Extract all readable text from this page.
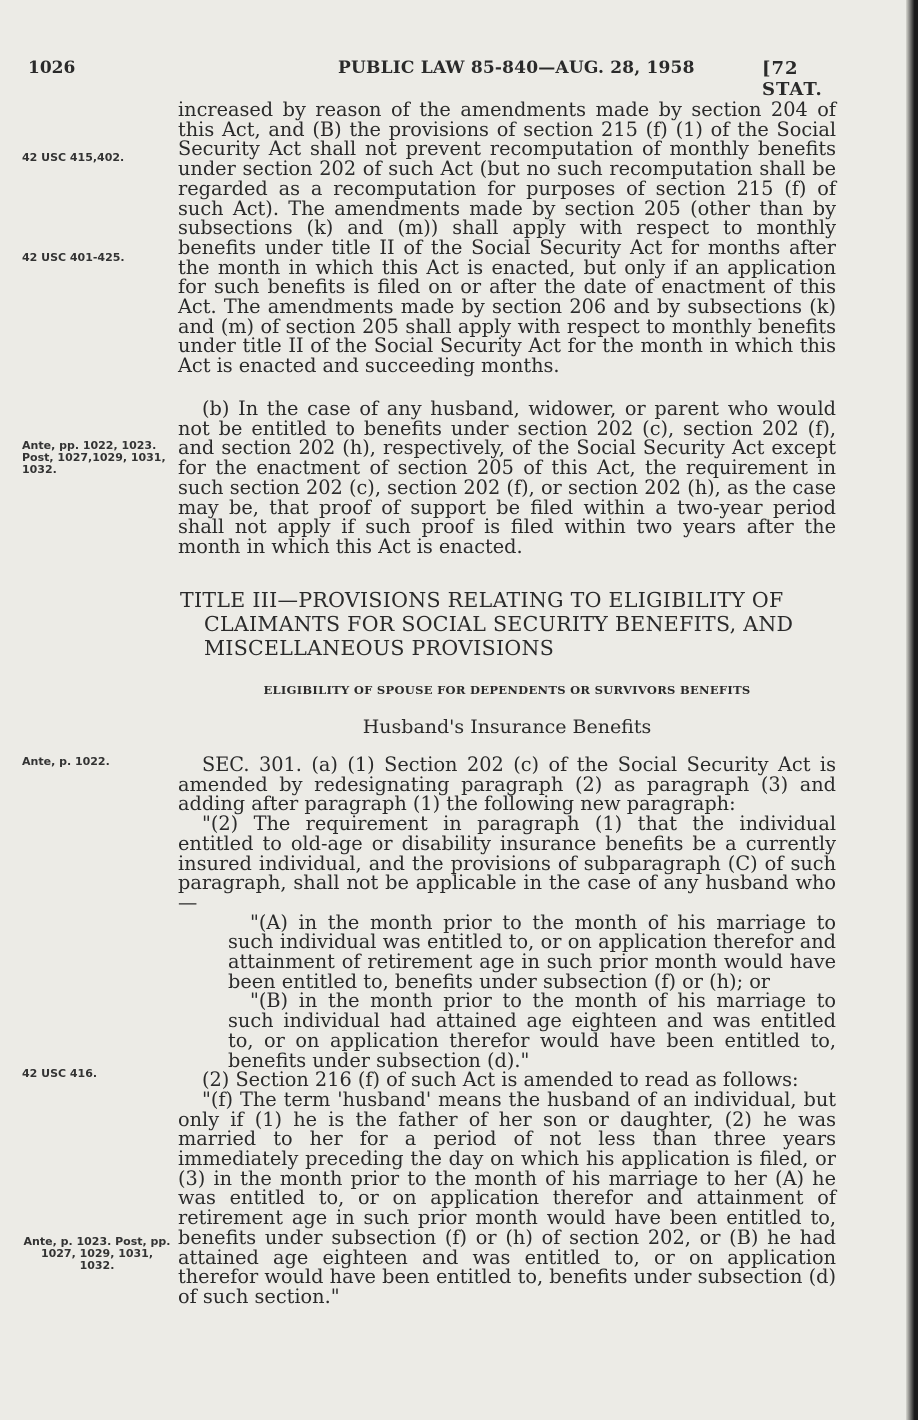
1026	PUBLIC LAW 85-840—AUG. 28, 1958	[72 STAT.
42 USC 415,402.
42 USC 401-425.
Ante, pp. 1022, 1023. Post, 1027,1029, 1031, 1032.
Ante, p. 1022.
42 USC 416.
Ante, p. 1023. Post, pp. 1027, 1029, 1031, 1032.

increased by reason of the amendments made by section 204 of this Act, and (B) the provisions of section 215 (f) (1) of the Social Security Act shall not prevent recomputation of monthly benefits under section 202 of such Act (but no such recomputation shall be regarded as a recomputation for purposes of section 215 (f) of such Act). The amendments made by section 205 (other than by subsections (k) and (m)) shall apply with respect to monthly benefits under title II of the Social Security Act for months after the month in which this Act is enacted, but only if an application for such benefits is filed on or after the date of enactment of this Act. The amendments made by section 206 and by subsections (k) and (m) of section 205 shall apply with respect to monthly benefits under title II of the Social Security Act for the month in which this Act is enacted and succeeding months.

(b) In the case of any husband, widower, or parent who would not be entitled to benefits under section 202 (c), section 202 (f), and section 202 (h), respectively, of the Social Security Act except for the enactment of section 205 of this Act, the requirement in such section 202 (c), section 202 (f), or section 202 (h), as the case may be, that proof of support be filed within a two-year period shall not apply if such proof is filed within two years after the month in which this Act is enacted.

TITLE III—PROVISIONS RELATING TO ELIGIBILITY OF
CLAIMANTS FOR SOCIAL SECURITY BENEFITS, AND
MISCELLANEOUS PROVISIONS
ELIGIBILITY OF SPOUSE FOR DEPENDENTS OR SURVIVORS BENEFITS
Husband's Insurance Benefits

SEC. 301. (a) (1) Section 202 (c) of the Social Security Act is amended by redesignating paragraph (2) as paragraph (3) and adding after paragraph (1) the following new paragraph:

"(2) The requirement in paragraph (1) that the individual entitled to old-age or disability insurance benefits be a currently insured individual, and the provisions of subparagraph (C) of such paragraph, shall not be applicable in the case of any husband who—

"(A) in the month prior to the month of his marriage to such individual was entitled to, or on application therefor and attainment of retirement age in such prior month would have been entitled to, benefits under subsection (f) or (h); or

"(B) in the month prior to the month of his marriage to such individual had attained age eighteen and was entitled to, or on application therefor would have been entitled to, benefits under subsection (d)."

(2) Section 216 (f) of such Act is amended to read as follows:

"(f) The term 'husband' means the husband of an individual, but only if (1) he is the father of her son or daughter, (2) he was married to her for a period of not less than three years immediately preceding the day on which his application is filed, or (3) in the month prior to the month of his marriage to her (A) he was entitled to, or on application therefor and attainment of retirement age in such prior month would have been entitled to, benefits under subsection (f) or (h) of section 202, or (B) he had attained age eighteen and was entitled to, or on application therefor would have been entitled to, benefits under subsection (d) of such section."
